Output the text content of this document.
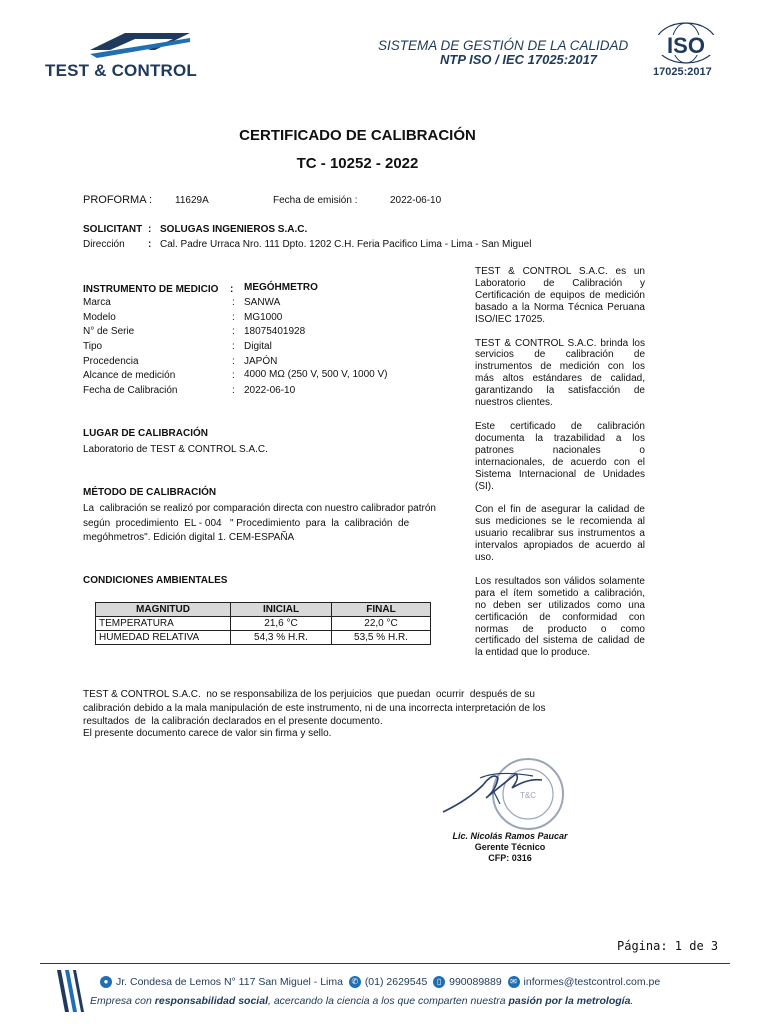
TEST & CONTROL
SISTEMA DE GESTIÓN DE LA CALIDAD
NTP ISO / IEC 17025:2017
ISO
17025:2017
CERTIFICADO DE CALIBRACIÓN
TC - 10252 - 2022
PROFORMA : 11629A	Fecha de emisión :	2022-06-10
SOLICITANT : SOLUGAS INGENIEROS S.A.C.
Dirección : Cal. Padre Urraca Nro. 111 Dpto. 1202 C.H. Feria Pacifico Lima - Lima - San Miguel
INSTRUMENTO DE MEDICIÓ	: MEGÓHMETRO
Marca	: SANWA
Modelo	: MG1000
N° de Serie	: 18075401928
Tipo	: Digital
Procedencia	: JAPÓN
Alcance de medición	: 4000 MΩ (250 V, 500 V, 1000 V)
Fecha de Calibración	: 2022-06-10
LUGAR DE CALIBRACIÓN
Laboratorio de TEST & CONTROL S.A.C.
MÉTODO DE CALIBRACIÓN
La  calibración se realizó por comparación directa con nuestro calibrador patrón
según  procedimiento  EL - 004   " Procedimiento  para  la  calibración  de
megóhmetros". Edición digital 1. CEM-ESPAÑA
CONDICIONES AMBIENTALES
MAGNITUD	INICIAL	FINAL
TEMPERATURA	21,6 °C	22,0 °C
HUMEDAD RELATIVA	54,3 % H.R.	53,5 % H.R.

TEST & CONTROL S.A.C. es un Laboratorio de Calibración y Certificación de equipos de medición basado a la Norma Técnica Peruana ISO/IEC 17025.

TEST & CONTROL S.A.C. brinda los servicios de calibración de instrumentos de medición con los más altos estándares de calidad, garantizando la satisfacción de nuestros clientes.

Este certificado de calibración documenta la trazabilidad a los patrones nacionales o internacionales, de acuerdo con el Sistema Internacional de Unidades (SI).

Con el fin de asegurar la calidad de sus mediciones se le recomienda al usuario recalibrar sus instrumentos a intervalos apropiados de acuerdo al uso.

Los resultados son válidos solamente para el ítem sometido a calibración, no deben ser utilizados como una certificación de conformidad con normas de producto o como certificado del sistema de calidad de la entidad que lo produce.

TEST & CONTROL S.A.C.  no se responsabiliza de los perjuicios  que puedan  ocurrir  después de su
calibración debido a la mala manipulación de este instrumento, ni de una incorrecta interpretación de los
resultados  de  la calibración declarados en el presente documento.
El presente documento carece de valor sin firma y sello.
T&C
Lic. Nicolás Ramos Paucar
Gerente Técnico
CFP: 0316
Página: 1 de 3
● Jr. Condesa de Lemos N° 117 San Miguel - Lima ✆ (01) 2629545 ▯ 990089889 ✉ informes@testcontrol.com.pe
Empresa con responsabilidad social, acercando la ciencia a los que comparten nuestra pasión por la metrología.
